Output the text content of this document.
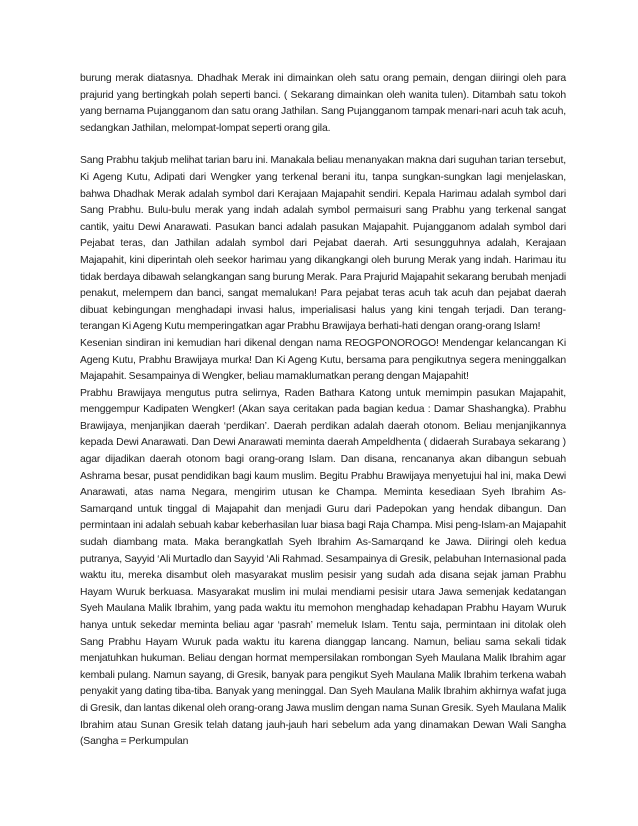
burung merak diatasnya. Dhadhak Merak ini dimainkan oleh satu orang pemain, dengan diiringi oleh para prajurid yang bertingkah polah seperti banci. ( Sekarang dimainkan oleh wanita tulen). Ditambah satu tokoh yang bernama Pujangganom dan satu orang Jathilan. Sang Pujangganom tampak menari-nari acuh tak acuh, sedangkan Jathilan, melompat-lompat seperti orang gila.

Sang Prabhu takjub melihat tarian baru ini. Manakala beliau menanyakan makna dari suguhan tarian tersebut, Ki Ageng Kutu, Adipati dari Wengker yang terkenal berani itu, tanpa sungkan-sungkan lagi menjelaskan, bahwa Dhadhak Merak adalah symbol dari Kerajaan Majapahit sendiri. Kepala Harimau adalah symbol dari Sang Prabhu. Bulu-bulu merak yang indah adalah symbol permaisuri sang Prabhu yang terkenal sangat cantik, yaitu Dewi Anarawati. Pasukan banci adalah pasukan Majapahit. Pujangganom adalah symbol dari Pejabat teras, dan Jathilan adalah symbol dari Pejabat daerah. Arti sesungguhnya adalah, Kerajaan Majapahit, kini diperintah oleh seekor harimau yang dikangkangi oleh burung Merak yang indah. Harimau itu tidak berdaya dibawah selangkangan sang burung Merak. Para Prajurid Majapahit sekarang berubah menjadi penakut, melempem dan banci, sangat memalukan! Para pejabat teras acuh tak acuh dan pejabat daerah dibuat kebingungan menghadapi invasi halus, imperialisasi halus yang kini tengah terjadi. Dan terang-terangan Ki Ageng Kutu memperingatkan agar Prabhu Brawijaya berhati-hati dengan orang-orang Islam!

Kesenian sindiran ini kemudian hari dikenal dengan nama REOGPONOROGO! Mendengar kelancangan Ki Ageng Kutu, Prabhu Brawijaya murka! Dan Ki Ageng Kutu, bersama para pengikutnya segera meninggalkan Majapahit. Sesampainya di Wengker, beliau mamaklumatkan perang dengan Majapahit!

Prabhu Brawijaya mengutus putra selirnya, Raden Bathara Katong untuk memimpin pasukan Majapahit, menggempur Kadipaten Wengker! (Akan saya ceritakan pada bagian kedua : Damar Shashangka). Prabhu Brawijaya, menjanjikan daerah ‘perdikan’. Daerah perdikan adalah daerah otonom. Beliau menjanjikannya kepada Dewi Anarawati. Dan Dewi Anarawati meminta daerah Ampeldhenta ( didaerah Surabaya sekarang ) agar dijadikan daerah otonom bagi orang-orang Islam. Dan disana, rencananya akan dibangun sebuah Ashrama besar, pusat pendidikan bagi kaum muslim. Begitu Prabhu Brawijaya menyetujui hal ini, maka Dewi Anarawati, atas nama Negara, mengirim utusan ke Champa. Meminta kesediaan Syeh Ibrahim As-Samarqand untuk tinggal di Majapahit dan menjadi Guru dari Padepokan yang hendak dibangun. Dan permintaan ini adalah sebuah kabar keberhasilan luar biasa bagi Raja Champa. Misi peng-Islam-an Majapahit sudah diambang mata. Maka berangkatlah Syeh Ibrahim As-Samarqand ke Jawa. Diiringi oleh kedua putranya, Sayyid ‘Ali Murtadlo dan Sayyid ‘Ali Rahmad. Sesampainya di Gresik, pelabuhan Internasional pada waktu itu, mereka disambut oleh masyarakat muslim pesisir yang sudah ada disana sejak jaman Prabhu Hayam Wuruk berkuasa. Masyarakat muslim ini mulai mendiami pesisir utara Jawa semenjak kedatangan Syeh Maulana Malik Ibrahim, yang pada waktu itu memohon menghadap kehadapan Prabhu Hayam Wuruk hanya untuk sekedar meminta beliau agar ‘pasrah’ memeluk Islam. Tentu saja, permintaan ini ditolak oleh Sang Prabhu Hayam Wuruk pada waktu itu karena dianggap lancang. Namun, beliau sama sekali tidak menjatuhkan hukuman. Beliau dengan hormat mempersilakan rombongan Syeh Maulana Malik Ibrahim agar kembali pulang. Namun sayang, di Gresik, banyak para pengikut Syeh Maulana Malik Ibrahim terkena wabah penyakit yang dating tiba-tiba. Banyak yang meninggal. Dan Syeh Maulana Malik Ibrahim akhirnya wafat juga di Gresik, dan lantas dikenal oleh orang-orang Jawa muslim dengan nama Sunan Gresik. Syeh Maulana Malik Ibrahim atau Sunan Gresik telah datang jauh-jauh hari sebelum ada yang dinamakan Dewan Wali Sangha (Sangha = Perkumpulan
